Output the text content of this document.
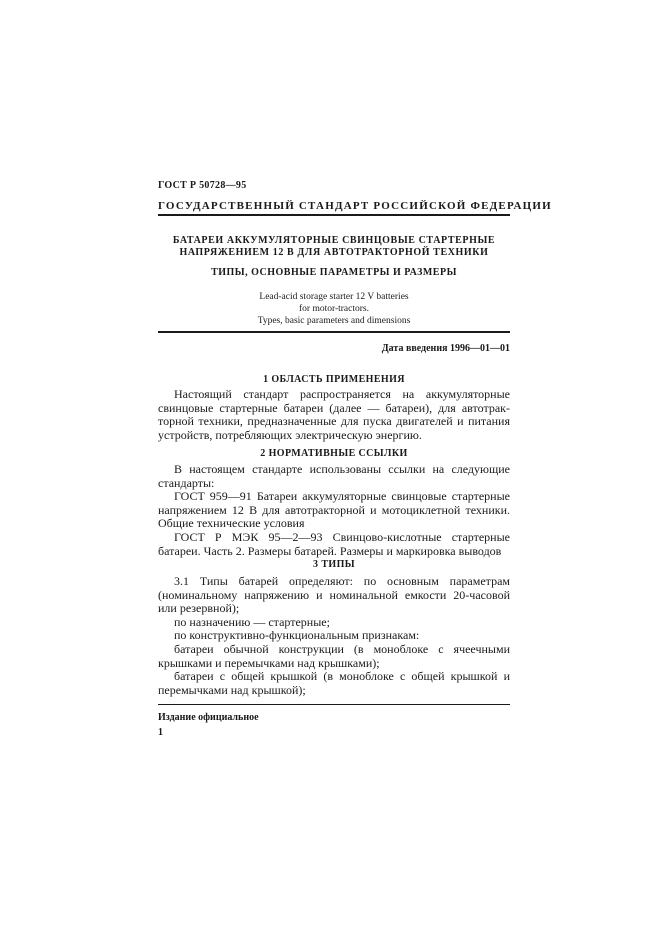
ГОСТ Р 50728—95
ГОСУДАРСТВЕННЫЙ СТАНДАРТ РОССИЙСКОЙ ФЕДЕРАЦИИ
БАТАРЕИ АККУМУЛЯТОРНЫЕ СВИНЦОВЫЕ СТАРТЕРНЫЕ
НАПРЯЖЕНИЕМ 12 В ДЛЯ АВТОТРАКТОРНОЙ ТЕХНИКИ
ТИПЫ, ОСНОВНЫЕ ПАРАМЕТРЫ И РАЗМЕРЫ
Lead-acid storage starter 12 V batteries
for motor-tractors.
Types, basic parameters and dimensions
Дата введения 1996—01—01
1 ОБЛАСТЬ ПРИМЕНЕНИЯ
Настоящий стандарт распространяется на аккумуляторные
свинцовые стартерные батареи (далее — батареи), для автотрак-
торной техники, предназначенные для пуска двигателей и питания
устройств, потребляющих электрическую энергию.
2 НОРМАТИВНЫЕ ССЫЛКИ
В настоящем стандарте использованы ссылки на следующие
стандарты:
ГОСТ 959—91 Батареи аккумуляторные свинцовые стартерные
напряжением 12 В для автотракторной и мотоциклетной техники.
Общие технические условия
ГОСТ Р МЭК 95—2—93 Свинцово-кислотные стартерные
батареи. Часть 2. Размеры батарей. Размеры и маркировка выводов
3 ТИПЫ
3.1 Типы батарей определяют: по основным параметрам
(номинальному напряжению и номинальной емкости 20-часовой
или резервной);
по назначению — стартерные;
по конструктивно-функциональным признакам:
батареи обычной конструкции (в моноблоке с ячеечными
крышками и перемычками над крышками);
батареи с общей крышкой (в моноблоке с общей крышкой и
перемычками над крышкой);
Издание официальное
1
